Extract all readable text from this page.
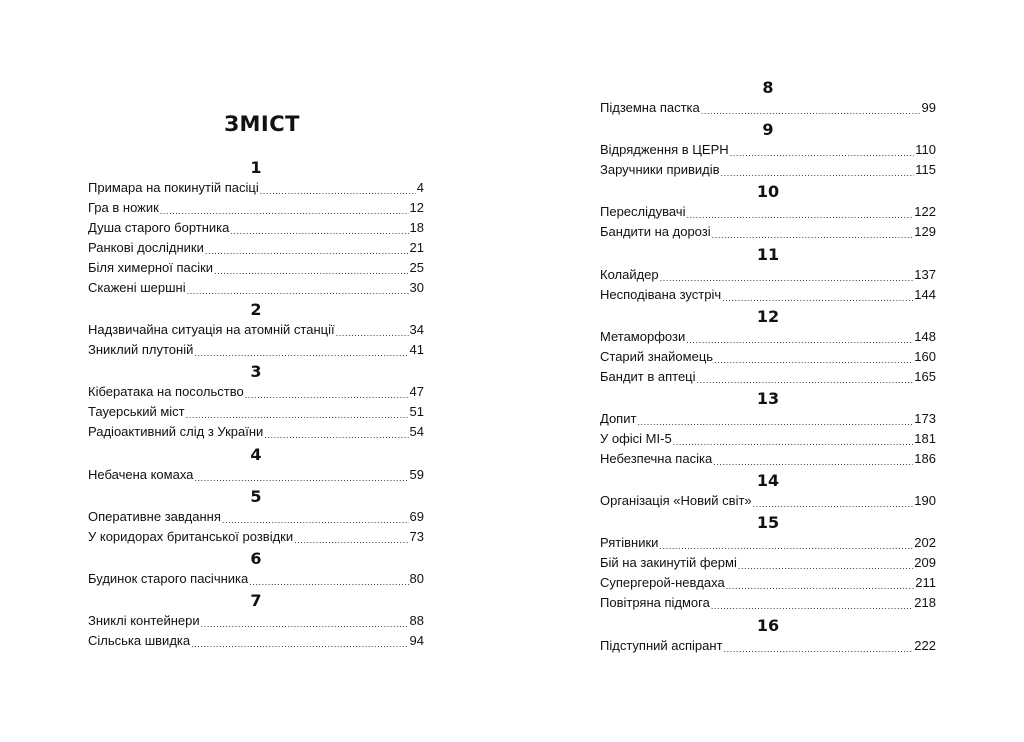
ЗМІСТ
1
Примара на покинутій пасіці .....	4
Гра в ножик .....	12
Душа старого бортника .....	18
Ранкові дослідники .....	21
Біля химерної пасіки .....	25
Скажені шершні .....	30
2
Надзвичайна ситуація на атомній станції .....	34
Зниклий плутоній .....	41
3
Кібератака на посольство .....	47
Тауерський міст .....	51
Радіоактивний слід з України .....	54
4
Небачена комаха .....	59
5
Оперативне завдання .....	69
У коридорах британської розвідки .....	73
6
Будинок старого пасічника .....	80
7
Зниклі контейнери .....	88
Сільська швидка .....	94
8
Підземна пастка .....	99
9
Відрядження в ЦЕРН .....	110
Заручники привидів .....	115
10
Переслідувачі .....	122
Бандити на дорозі .....	129
11
Колайдер .....	137
Несподівана зустріч .....	144
12
Метаморфози .....	148
Старий знайомець .....	160
Бандит в аптеці .....	165
13
Допит .....	173
У офісі МІ-5 .....	181
Небезпечна пасіка .....	186
14
Організація «Новий світ» .....	190
15
Рятівники .....	202
Бій на закинутій фермі .....	209
Супергерой-невдаха .....	211
Повітряна підмога .....	218
16
Підступний аспірант .....	222
